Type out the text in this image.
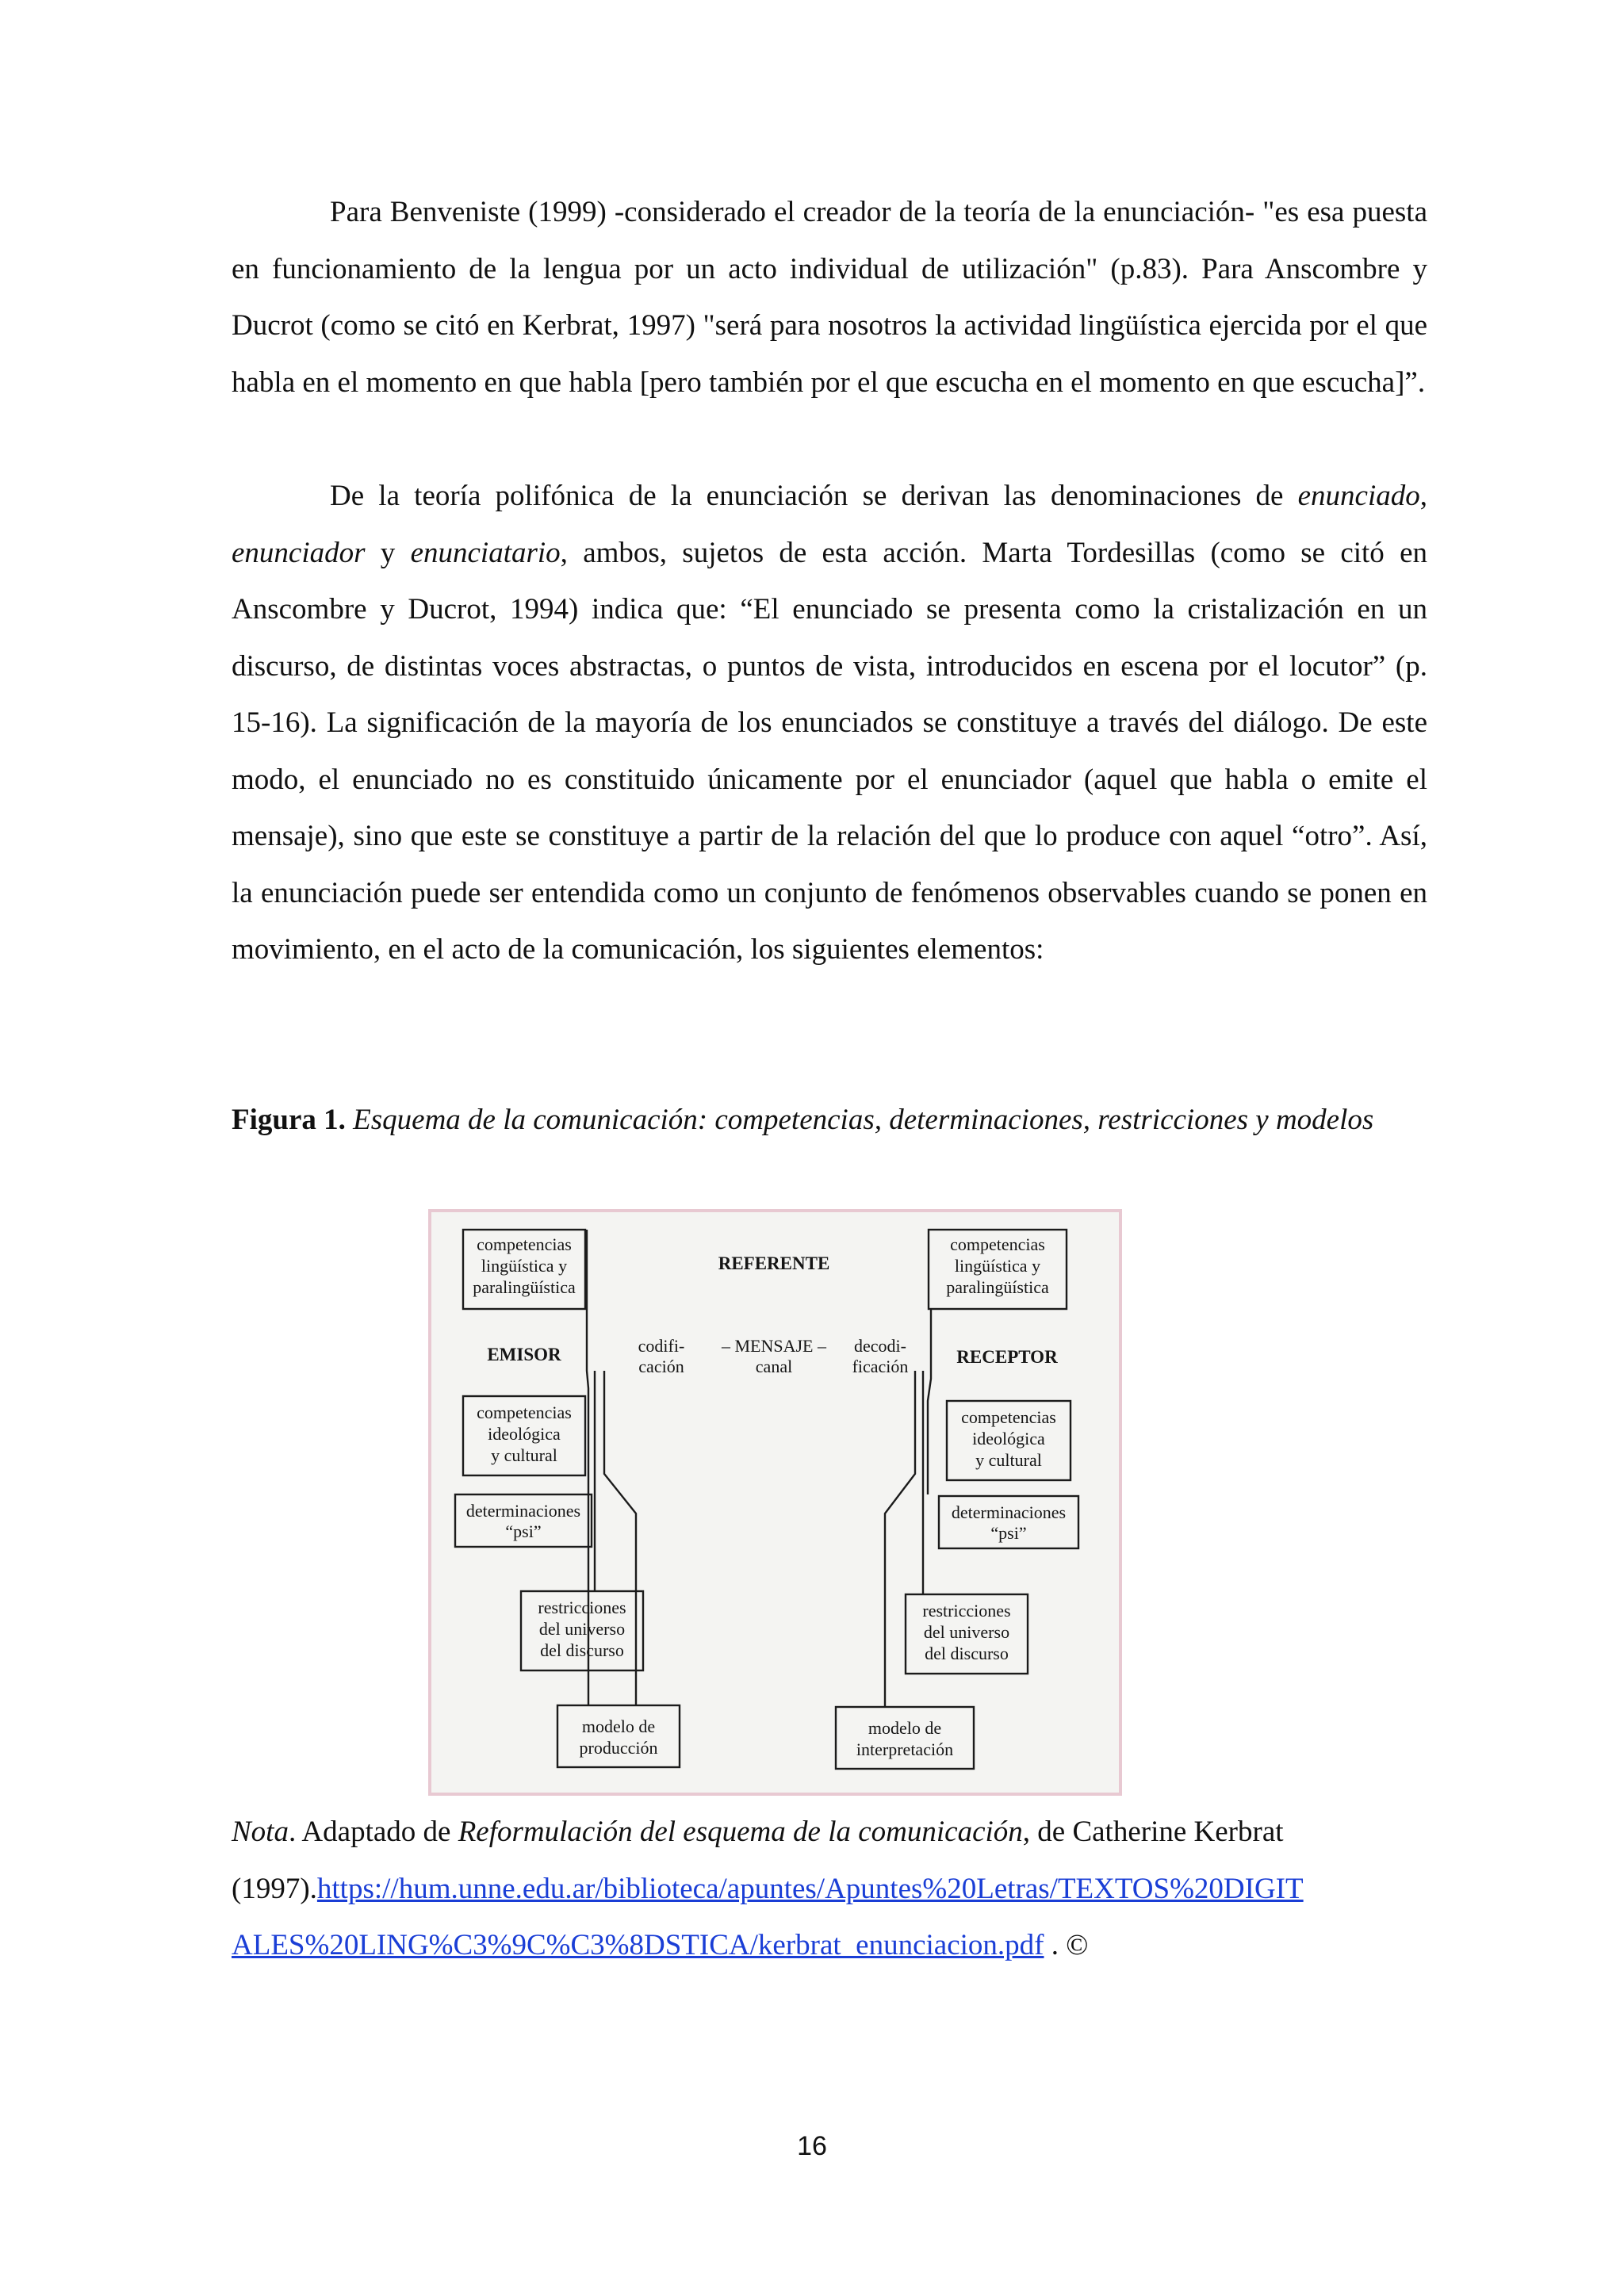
Para Benveniste (1999) -considerado el creador de la teoría de la enunciación- "es esa puesta en funcionamiento de la lengua por un acto individual de utilización" (p.83). Para Anscombre y Ducrot (como se citó en Kerbrat, 1997) "será para nosotros la actividad lingüística ejercida por el que habla en el momento en que habla [pero también por el que escucha en el momento en que escucha]”.

De la teoría polifónica de la enunciación se derivan las denominaciones de enunciado, enunciador y enunciatario, ambos, sujetos de esta acción. Marta Tordesillas (como se citó en Anscombre y Ducrot, 1994) indica que: “El enunciado se presenta como la cristalización en un discurso, de distintas voces abstractas, o puntos de vista, introducidos en escena por el locutor” (p. 15-16). La significación de la mayoría de los enunciados se constituye a través del diálogo. De este modo, el enunciado no es constituido únicamente por el enunciador (aquel que habla o emite el mensaje), sino que este se constituye a partir de la relación del que lo produce con aquel “otro”. Así, la enunciación puede ser entendida como un conjunto de fenómenos observables cuando se ponen en movimiento, en el acto de la comunicación, los siguientes elementos:

Figura 1. Esquema de la comunicación: competencias, determinaciones, restricciones y modelos
competencias
lingüística y
paralingüística
EMISOR
competencias
ideológica
y cultural
determinaciones
“psi”
restricciones
del universo
del discurso
modelo de
producción
REFERENTE
codifi-
cación
– MENSAJE –
canal
decodi-
ficación
competencias
lingüística y
paralingüística
RECEPTOR
competencias
ideológica
y cultural
determinaciones
“psi”
restricciones
del universo
del discurso
modelo de
interpretación
Nota. Adaptado de Reformulación del esquema de la comunicación, de Catherine Kerbrat (1997).https://hum.unne.edu.ar/biblioteca/apuntes/Apuntes%20Letras/TEXTOS%20DIGIT
ALES%20LING%C3%9C%C3%8DSTICA/kerbrat_enunciacion.pdf . ©
16
